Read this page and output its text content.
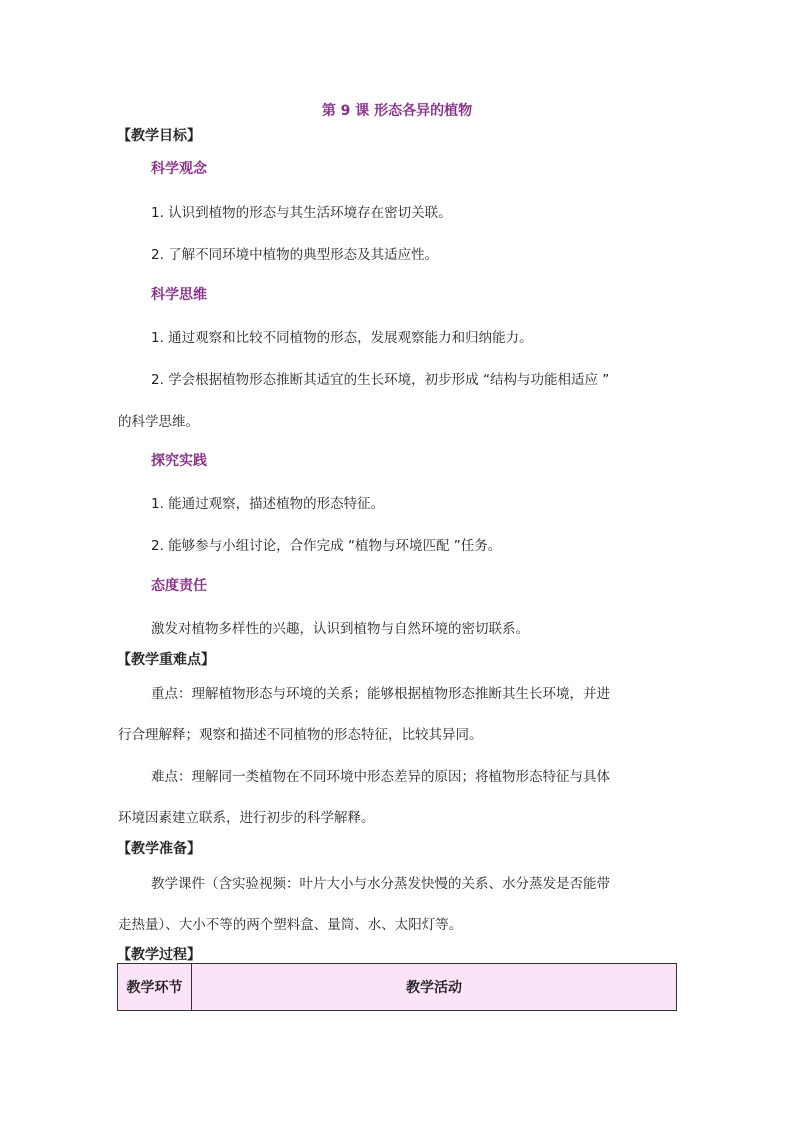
第 9 课 形态各异的植物
【教学目标】
科学观念
1. 认识到植物的形态与其生活环境存在密切关联。
2. 了解不同环境中植物的典型形态及其适应性。
科学思维
1. 通过观察和比较不同植物的形态，发展观察能力和归纳能力。
2. 学会根据植物形态推断其适宜的生长环境，初步形成 “结构与功能相适应 ”
的科学思维。
探究实践
1. 能通过观察，描述植物的形态特征。
2. 能够参与小组讨论，合作完成 “植物与环境匹配 ”任务。
态度责任
激发对植物多样性的兴趣，认识到植物与自然环境的密切联系。
【教学重难点】
重点：理解植物形态与环境的关系；能够根据植物形态推断其生长环境，并进
行合理解释；观察和描述不同植物的形态特征，比较其异同。
难点：理解同一类植物在不同环境中形态差异的原因；将植物形态特征与具体
环境因素建立联系，进行初步的科学解释。
【教学准备】
教学课件（含实验视频：叶片大小与水分蒸发快慢的关系、水分蒸发是否能带
走热量）、大小不等的两个塑料盒、量筒、水、太阳灯等。
【教学过程】
教学环节	教学活动
